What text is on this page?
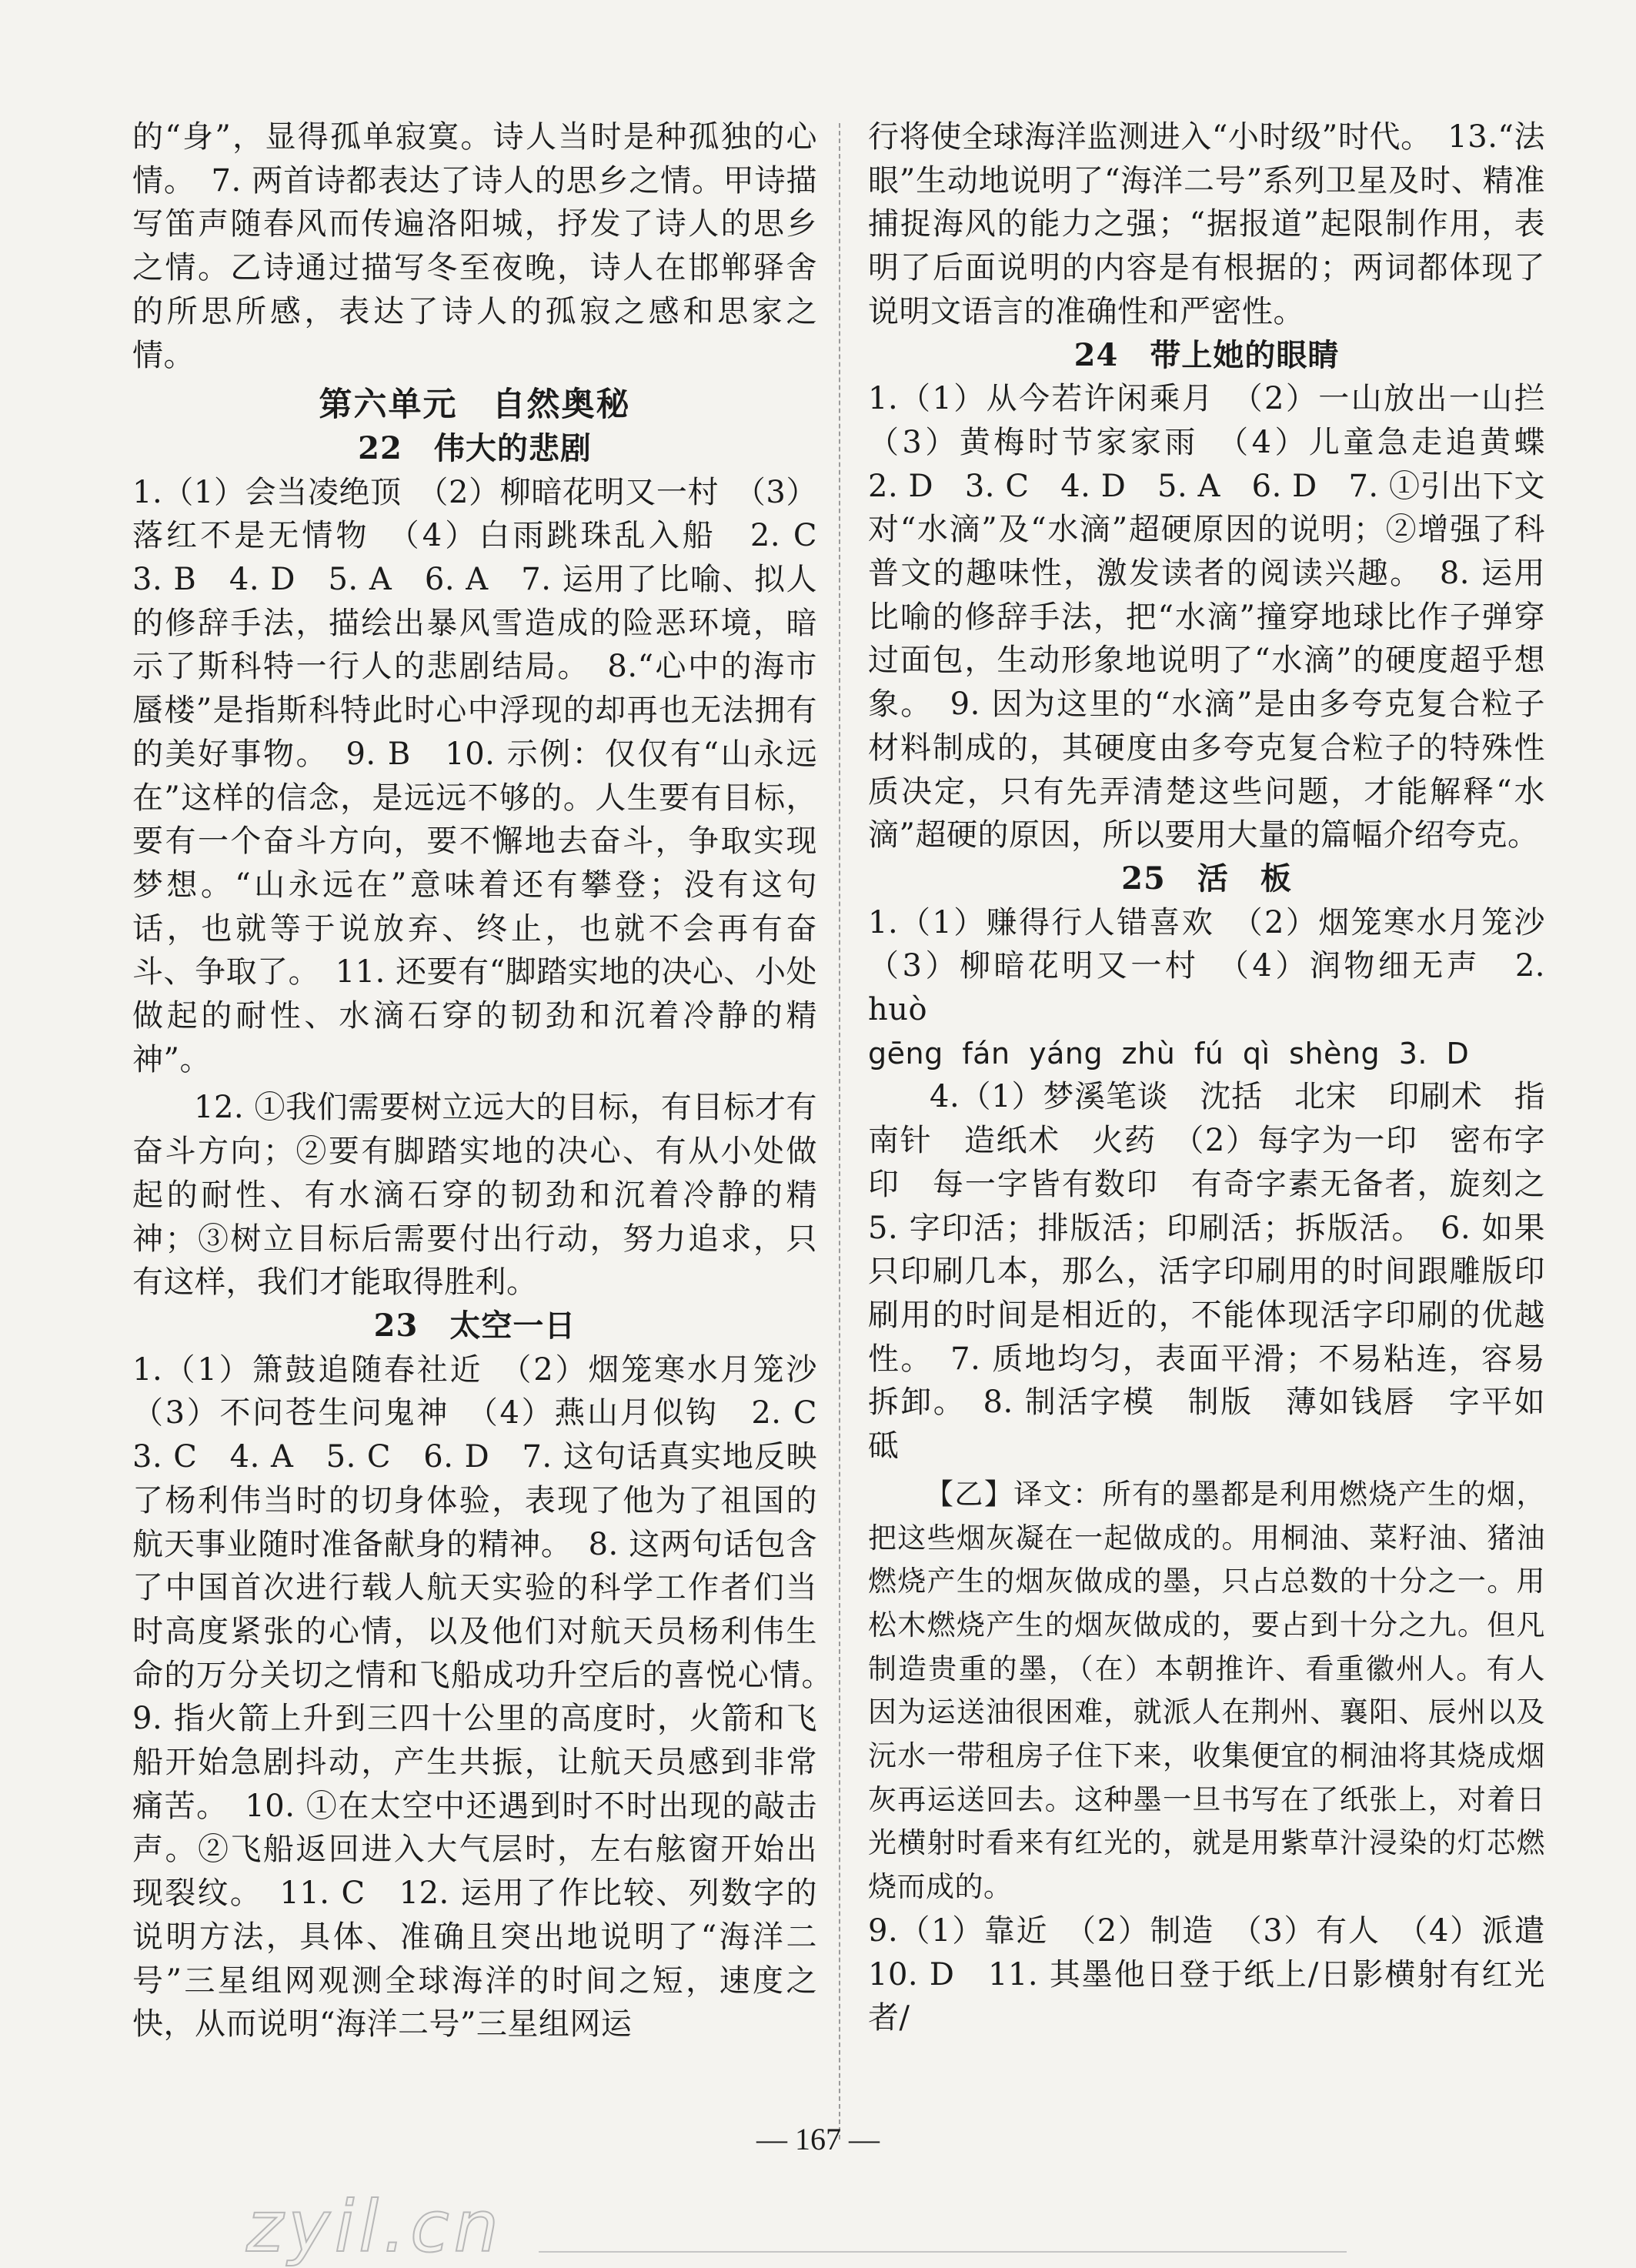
的“身”，显得孤单寂寞。诗人当时是种孤独的心情。　7. 两首诗都表达了诗人的思乡之情。甲诗描写笛声随春风而传遍洛阳城，抒发了诗人的思乡之情。乙诗通过描写冬至夜晚，诗人在邯郸驿舍的所思所感，表达了诗人的孤寂之感和思家之情。

第六单元　自然奥秘
22　伟大的悲剧

1.（1）会当凌绝顶　（2）柳暗花明又一村　（3）落红不是无情物　（4）白雨跳珠乱入船　2. C　3. B　4. D　5. A　6. A　7. 运用了比喻、拟人的修辞手法，描绘出暴风雪造成的险恶环境，暗示了斯科特一行人的悲剧结局。　8.“心中的海市蜃楼”是指斯科特此时心中浮现的却再也无法拥有的美好事物。　9. B　10. 示例：仅仅有“山永远在”这样的信念，是远远不够的。人生要有目标，要有一个奋斗方向，要不懈地去奋斗，争取实现梦想。“山永远在”意味着还有攀登；没有这句话，也就等于说放弃、终止，也就不会再有奋斗、争取了。　11. 还要有“脚踏实地的决心、小处做起的耐性、水滴石穿的韧劲和沉着冷静的精神”。

12. ①我们需要树立远大的目标，有目标才有奋斗方向；②要有脚踏实地的决心、有从小处做起的耐性、有水滴石穿的韧劲和沉着冷静的精神；③树立目标后需要付出行动，努力追求，只有这样，我们才能取得胜利。

23　太空一日

1.（1）箫鼓追随春社近　（2）烟笼寒水月笼沙　（3）不问苍生问鬼神　（4）燕山月似钩　2. C　3. C　4. A　5. C　6. D　7. 这句话真实地反映了杨利伟当时的切身体验，表现了他为了祖国的航天事业随时准备献身的精神。　8. 这两句话包含了中国首次进行载人航天实验的科学工作者们当时高度紧张的心情，以及他们对航天员杨利伟生命的万分关切之情和飞船成功升空后的喜悦心情。　9. 指火箭上升到三四十公里的高度时，火箭和飞船开始急剧抖动，产生共振，让航天员感到非常痛苦。　10. ①在太空中还遇到时不时出现的敲击声。②飞船返回进入大气层时，左右舷窗开始出现裂纹。　11. C　12. 运用了作比较、列数字的说明方法，具体、准确且突出地说明了“海洋二号”三星组网观测全球海洋的时间之短，速度之快，从而说明“海洋二号”三星组网运

行将使全球海洋监测进入“小时级”时代。　13.“法眼”生动地说明了“海洋二号”系列卫星及时、精准捕捉海风的能力之强；“据报道”起限制作用，表明了后面说明的内容是有根据的；两词都体现了说明文语言的准确性和严密性。

24　带上她的眼睛

1.（1）从今若许闲乘月　（2）一山放出一山拦　（3）黄梅时节家家雨　（4）儿童急走追黄蝶　2. D　3. C　4. D　5. A　6. D　7. ①引出下文对“水滴”及“水滴”超硬原因的说明；②增强了科普文的趣味性，激发读者的阅读兴趣。　8. 运用比喻的修辞手法，把“水滴”撞穿地球比作子弹穿过面包，生动形象地说明了“水滴”的硬度超乎想象。　9. 因为这里的“水滴”是由多夸克复合粒子材料制成的，其硬度由多夸克复合粒子的特殊性质决定，只有先弄清楚这些问题，才能解释“水滴”超硬的原因，所以要用大量的篇幅介绍夸克。

25　活　板

1.（1）赚得行人错喜欢　（2）烟笼寒水月笼沙　（3）柳暗花明又一村　（4）润物细无声　2. huò

gēng fán yáng zhù fú qì shèng 3. D

4.（1）梦溪笔谈　沈括　北宋　印刷术　指南针　造纸术　火药　（2）每字为一印　密布字印　每一字皆有数印　有奇字素无备者，旋刻之　5. 字印活；排版活；印刷活；拆版活。　6. 如果只印刷几本，那么，活字印刷用的时间跟雕版印刷用的时间是相近的，不能体现活字印刷的优越性。　7. 质地均匀，表面平滑；不易粘连，容易拆卸。　8. 制活字模　制版　薄如钱唇　字平如砥

【乙】译文：所有的墨都是利用燃烧产生的烟，把这些烟灰凝在一起做成的。用桐油、菜籽油、猪油燃烧产生的烟灰做成的墨，只占总数的十分之一。用松木燃烧产生的烟灰做成的，要占到十分之九。但凡制造贵重的墨，（在）本朝推许、看重徽州人。有人因为运送油很困难，就派人在荆州、襄阳、辰州以及沅水一带租房子住下来，收集便宜的桐油将其烧成烟灰再运送回去。这种墨一旦书写在了纸张上，对着日光横射时看来有红光的，就是用紫草汁浸染的灯芯燃烧而成的。

9.（1）靠近　（2）制造　（3）有人　（4）派遣　10. D　11. 其墨他日登于纸上/日影横射有红光者/

— 167 —
zyil.cn
